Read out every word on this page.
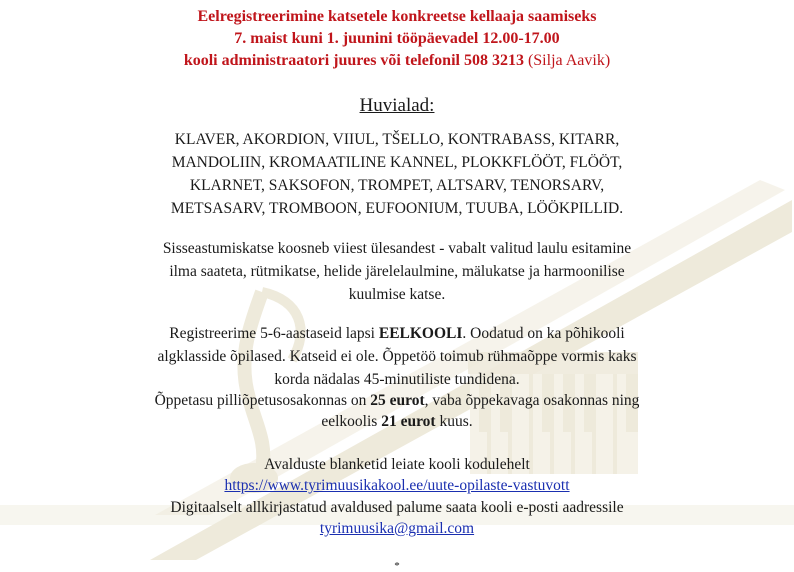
Eelregistreerimine katsetele konkreetse kellaaja saamiseks
7. maist kuni 1. juunini tööpäevadel 12.00-17.00
kooli administraatori juures või telefonil 508 3213 (Silja Aavik)
Huvialad:
KLAVER, AKORDION, VIIUL, TŠELLO, KONTRABASS, KITARR,
MANDOLIIN, KROMAATILINE KANNEL, PLOKKFLÖÖT, FLÖÖT,
KLARNET, SAKSOFON, TROMPET, ALTSARV, TENORSARV,
METSASARV, TROMBOON, EUFOONIUM, TUUBA, LÖÖKPILLID.
Sisseastumiskatse koosneb viiest ülesandest - vabalt valitud laulu esitamine
ilma saateta, rütmikatse, helide järelelaulmine, mälukatse ja harmoonilise
kuulmise katse.
Registreerime 5-6-aastaseid lapsi EELKOOLI. Oodatud on ka põhikooli
algklasside õpilased. Katseid ei ole. Õppetöö toimub rühmaõppe vormis kaks
korda nädalas 45-minutiliste tundidena.
Õppetasu pilliõpetusosakonnas on 25 eurot, vaba õppekavaga osakonnas ning
eelkoolis 21 eurot kuus.
Avalduste blanketid leiate kooli kodulehelt
https://www.tyrimuusikakool.ee/uute-opilaste-vastuvott
Digitaalselt allkirjastatud avaldused palume saata kooli e-posti aadressile
tyrimuusika@gmail.com
*
